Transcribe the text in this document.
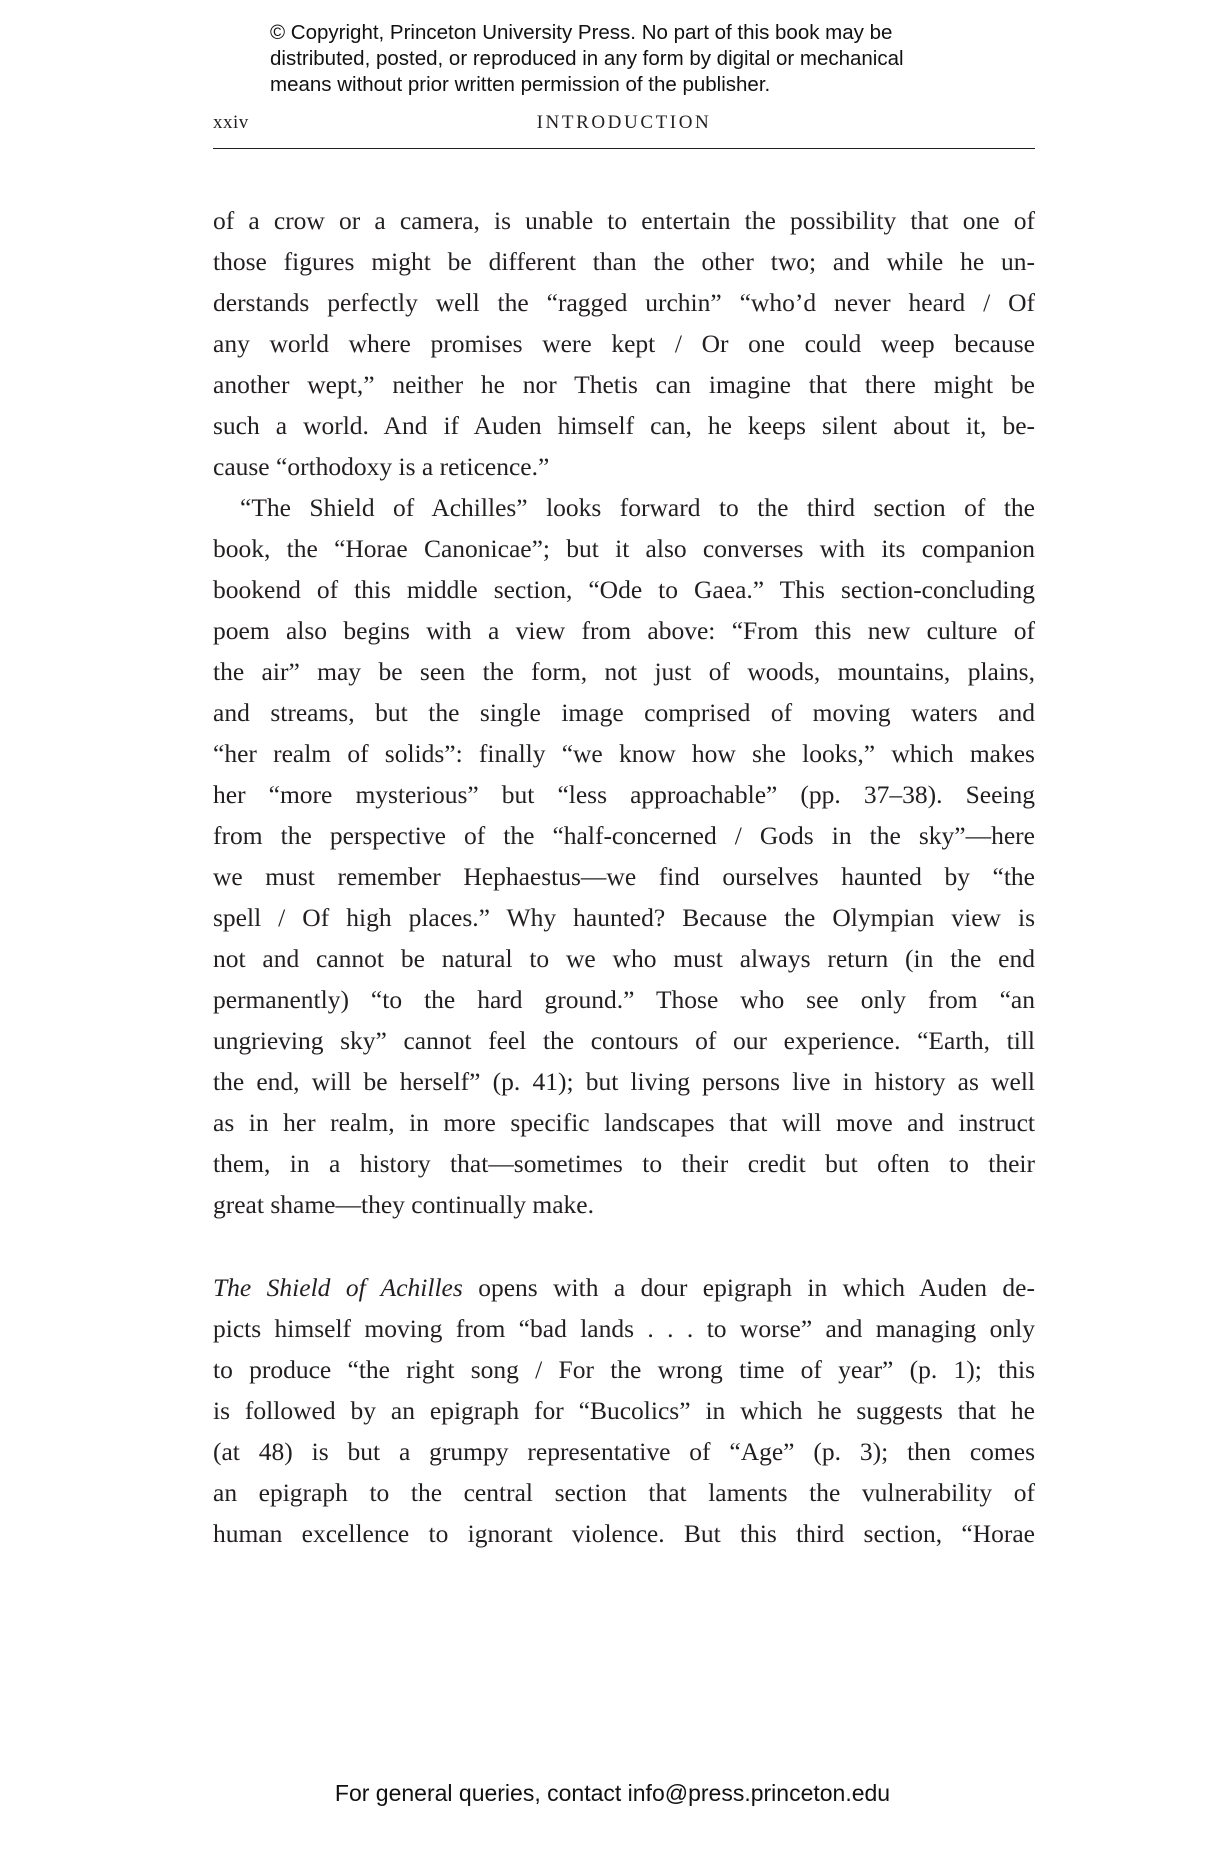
© Copyright, Princeton University Press. No part of this book may be
distributed, posted, or reproduced in any form by digital or mechanical
means without prior written permission of the publisher.
xxiv	INTRODUCTION
of a crow or a camera, is unable to entertain the possibility that one of
those figures might be different than the other two; and while he un-
derstands perfectly well the “ragged urchin” “who’d never heard / Of
any world where promises were kept / Or one could weep because
another wept,” neither he nor Thetis can imagine that there might be
such a world. And if Auden himself can, he keeps silent about it, be-
cause “orthodoxy is a reticence.”
“The Shield of Achilles” looks forward to the third section of the
book, the “Horae Canonicae”; but it also converses with its companion
bookend of this middle section, “Ode to Gaea.” This section-concluding
poem also begins with a view from above: “From this new culture of
the air” may be seen the form, not just of woods, mountains, plains,
and streams, but the single image comprised of moving waters and
“her realm of solids”: finally “we know how she looks,” which makes
her “more mysterious” but “less approachable” (pp. 37–38). Seeing
from the perspective of the “half-concerned / Gods in the sky”—here
we must remember Hephaestus—we find ourselves haunted by “the
spell / Of high places.” Why haunted? Because the Olympian view is
not and cannot be natural to we who must always return (in the end
permanently) “to the hard ground.” Those who see only from “an
ungrieving sky” cannot feel the contours of our experience. “Earth, till
the end, will be herself” (p. 41); but living persons live in history as well
as in her realm, in more specific landscapes that will move and instruct
them, in a history that—sometimes to their credit but often to their
great shame—they continually make.
The Shield of Achilles opens with a dour epigraph in which Auden de-
picts himself moving from “bad lands . . . to worse” and managing only
to produce “the right song / For the wrong time of year” (p. 1); this
is followed by an epigraph for “Bucolics” in which he suggests that he
(at 48) is but a grumpy representative of “Age” (p. 3); then comes
an epigraph to the central section that laments the vulnerability of
human excellence to ignorant violence. But this third section, “Horae
For general queries, contact info@press.princeton.edu
